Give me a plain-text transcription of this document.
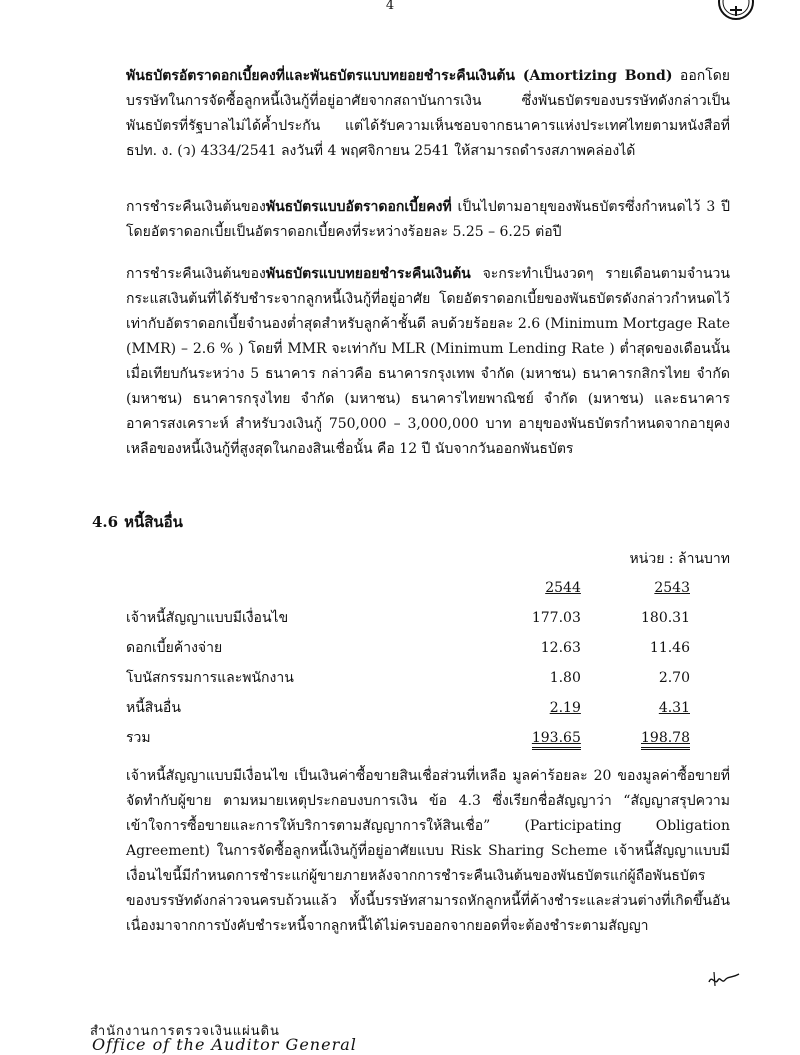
4

พันธบัตรอัตราดอกเบี้ยคงที่และพันธบัตรแบบทยอยชำระคืนเงินต้น (Amortizing Bond) ออกโดยบรรษัทในการจัดซื้อลูกหนี้เงินกู้ที่อยู่อาศัยจากสถาบันการเงิน ซึ่งพันธบัตรของบรรษัทดังกล่าวเป็นพันธบัตรที่รัฐบาลไม่ได้ค้ำประกัน แต่ได้รับความเห็นชอบจากธนาคารแห่งประเทศไทยตามหนังสือที่ ธปท. ง. (ว) 4334/2541 ลงวันที่ 4 พฤศจิกายน 2541 ให้สามารถดำรงสภาพคล่องได้

การชำระคืนเงินต้นของพันธบัตรแบบอัตราดอกเบี้ยคงที่ เป็นไปตามอายุของพันธบัตรซึ่งกำหนดไว้ 3 ปี โดยอัตราดอกเบี้ยเป็นอัตราดอกเบี้ยคงที่ระหว่างร้อยละ 5.25 – 6.25 ต่อปี

การชำระคืนเงินต้นของพันธบัตรแบบทยอยชำระคืนเงินต้น จะกระทำเป็นงวดๆ รายเดือนตามจำนวนกระแสเงินต้นที่ได้รับชำระจากลูกหนี้เงินกู้ที่อยู่อาศัย โดยอัตราดอกเบี้ยของพันธบัตรดังกล่าวกำหนดไว้เท่ากับอัตราดอกเบี้ยจำนองต่ำสุดสำหรับลูกค้าชั้นดี ลบด้วยร้อยละ 2.6 (Minimum Mortgage Rate (MMR) – 2.6 % ) โดยที่ MMR จะเท่ากับ MLR (Minimum Lending Rate ) ต่ำสุดของเดือนนั้น เมื่อเทียบกันระหว่าง 5 ธนาคาร กล่าวคือ ธนาคารกรุงเทพ จำกัด (มหาชน) ธนาคารกสิกรไทย จำกัด (มหาชน) ธนาคารกรุงไทย จำกัด (มหาชน) ธนาคารไทยพาณิชย์ จำกัด (มหาชน) และธนาคารอาคารสงเคราะห์ สำหรับวงเงินกู้ 750,000 – 3,000,000 บาท อายุของพันธบัตรกำหนดจากอายุคงเหลือของหนี้เงินกู้ที่สูงสุดในกองสินเชื่อนั้น คือ 12 ปี นับจากวันออกพันธบัตร

4.6 หนี้สินอื่น
หน่วย : ล้านบาท
	2544	2543
เจ้าหนี้สัญญาแบบมีเงื่อนไข	177.03	180.31
ดอกเบี้ยค้างจ่าย	12.63	11.46
โบนัสกรรมการและพนักงาน	1.80	2.70
หนี้สินอื่น	2.19	4.31
รวม	193.65	198.78

เจ้าหนี้สัญญาแบบมีเงื่อนไข เป็นเงินค่าซื้อขายสินเชื่อส่วนที่เหลือ มูลค่าร้อยละ 20 ของมูลค่าซื้อขายที่จัดทำกับผู้ขาย ตามหมายเหตุประกอบงบการเงิน ข้อ 4.3 ซึ่งเรียกชื่อสัญญาว่า “สัญญาสรุปความเข้าใจการซื้อขายและการให้บริการตามสัญญาการให้สินเชื่อ” (Participating Obligation Agreement) ในการจัดซื้อลูกหนี้เงินกู้ที่อยู่อาศัยแบบ Risk Sharing Scheme เจ้าหนี้สัญญาแบบมีเงื่อนไขนี้มีกำหนดการชำระแก่ผู้ขายภายหลังจากการชำระคืนเงินต้นของพันธบัตรแก่ผู้ถือพันธบัตรของบรรษัทดังกล่าวจนครบถ้วนแล้ว ทั้งนี้บรรษัทสามารถหักลูกหนี้ที่ค้างชำระและส่วนต่างที่เกิดขึ้นอันเนื่องมาจากการบังคับชำระหนี้จากลูกหนี้ได้ไม่ครบออกจากยอดที่จะต้องชำระตามสัญญา

สำนักงานการตรวจเงินแผ่นดิน
Office of the Auditor General
